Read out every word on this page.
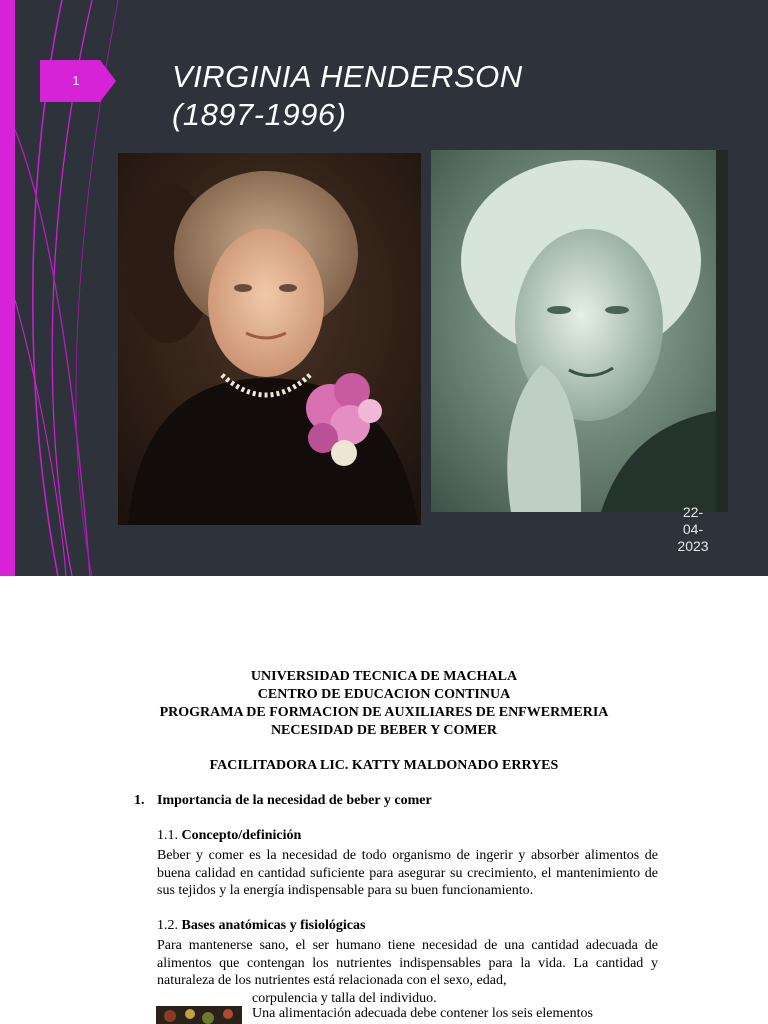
1	VIRGINIA HENDERSON
(1897-1996)
22-
04-
2023
UNIVERSIDAD TECNICA DE MACHALA
CENTRO DE EDUCACION CONTINUA
PROGRAMA DE FORMACION DE AUXILIARES DE ENFWERMERIA
NECESIDAD DE BEBER Y COMER
FACILITADORA LIC. KATTY MALDONADO ERRYES
1. Importancia de la necesidad de beber y comer
1.1. Concepto/definición
Beber y comer es la necesidad de todo organismo de ingerir y absorber alimentos de buena calidad en cantidad suficiente para asegurar su crecimiento, el mantenimiento de sus tejidos y la energía indispensable para su buen funcionamiento.
1.2. Bases anatómicas y fisiológicas
Para mantenerse sano, el ser humano tiene necesidad de una cantidad adecuada de alimentos que contengan los nutrientes indispensables para la vida. La cantidad y naturaleza de los nutrientes está relacionada con el sexo, edad,
corpulencia y talla del individuo.
Una alimentación adecuada debe contener los seis elementos
